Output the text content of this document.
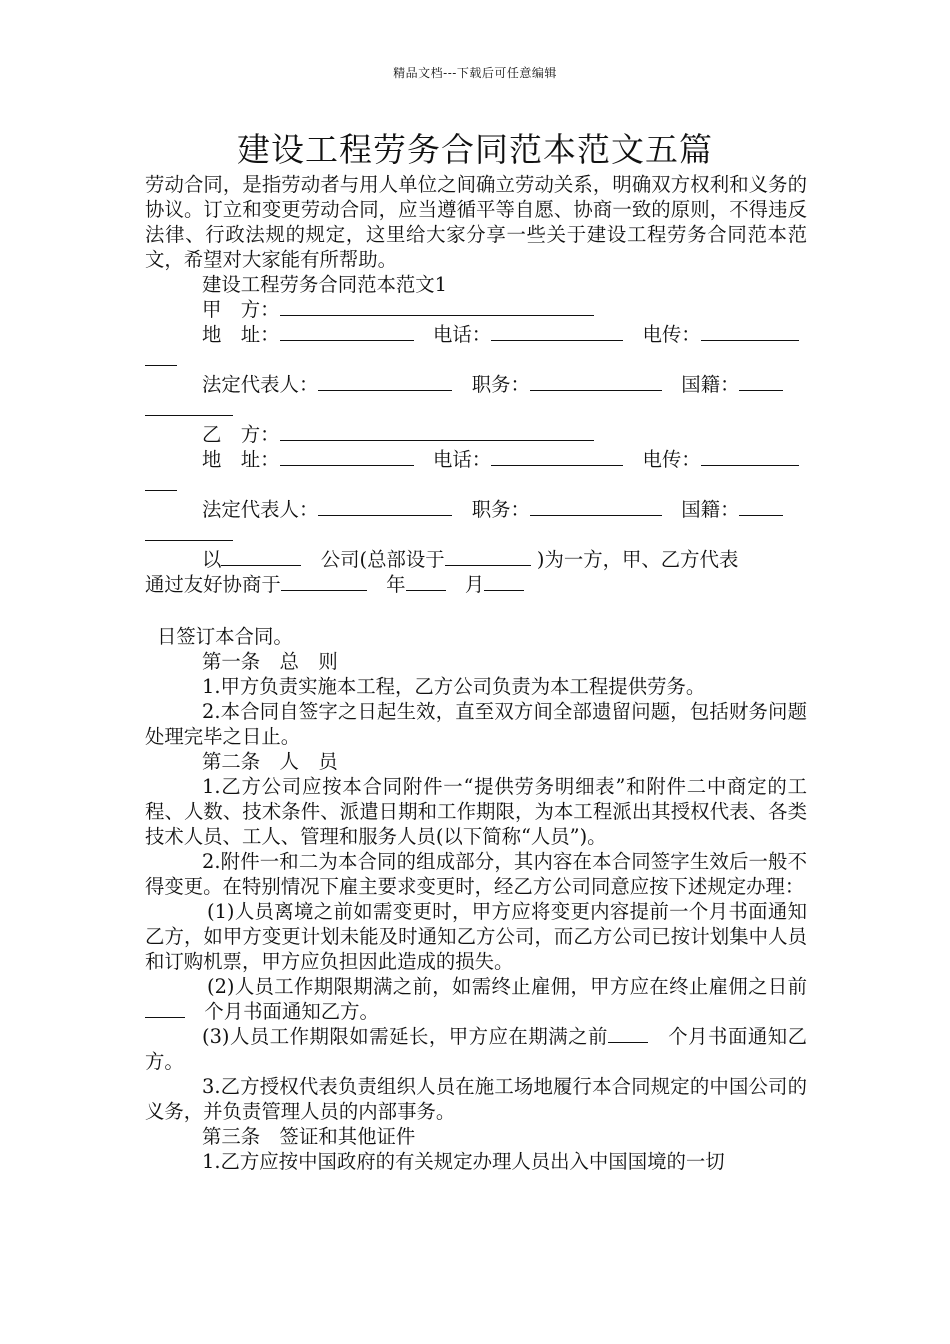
精品文档---下载后可任意编辑
建设工程劳务合同范本范文五篇

劳动合同，是指劳动者与用人单位之间确立劳动关系，明确双方权利和义务的协议。订立和变更劳动合同，应当遵循平等自愿、协商一致的原则，不得违反法律、行政法规的规定，这里给大家分享一些关于建设工程劳务合同范本范文，希望对大家能有所帮助。

建设工程劳务合同范本范文1

甲　方：

地　址：　	电话：　	电传：

法定代表人：　	职务：　	国籍：

乙　方：

地　址：　	电话：　	电传：

法定代表人：　	职务：　	国籍：

以　	公司(总部设于	)为一方，甲、乙方代表

通过友好协商于　	年　	月

日签订本合同。

第一条　总　则

1.甲方负责实施本工程，乙方公司负责为本工程提供劳务。

2.本合同自签字之日起生效，直至双方间全部遗留问题，包括财务问题处理完毕之日止。

第二条　人　员

1.乙方公司应按本合同附件一“提供劳务明细表”和附件二中商定的工程、人数、技术条件、派遣日期和工作期限，为本工程派出其授权代表、各类技术人员、工人、管理和服务人员(以下简称“人员”)。

2.附件一和二为本合同的组成部分，其内容在本合同签字生效后一般不得变更。在特别情况下雇主要求变更时，经乙方公司同意应按下述规定办理：

(1)人员离境之前如需变更时，甲方应将变更内容提前一个月书面通知乙方，如甲方变更计划未能及时通知乙方公司，而乙方公司已按计划集中人员和订购机票，甲方应负担因此造成的损失。

(2)人员工作期限期满之前，如需终止雇佣，甲方应在终止雇佣之日前　个月书面通知乙方。

(3)人员工作期限如需延长，甲方应在期满之前　	个月书面通知乙方。

3.乙方授权代表负责组织人员在施工场地履行本合同规定的中国公司的义务，并负责管理人员的内部事务。

第三条　签证和其他证件

1.乙方应按中国政府的有关规定办理人员出入中国国境的一切
